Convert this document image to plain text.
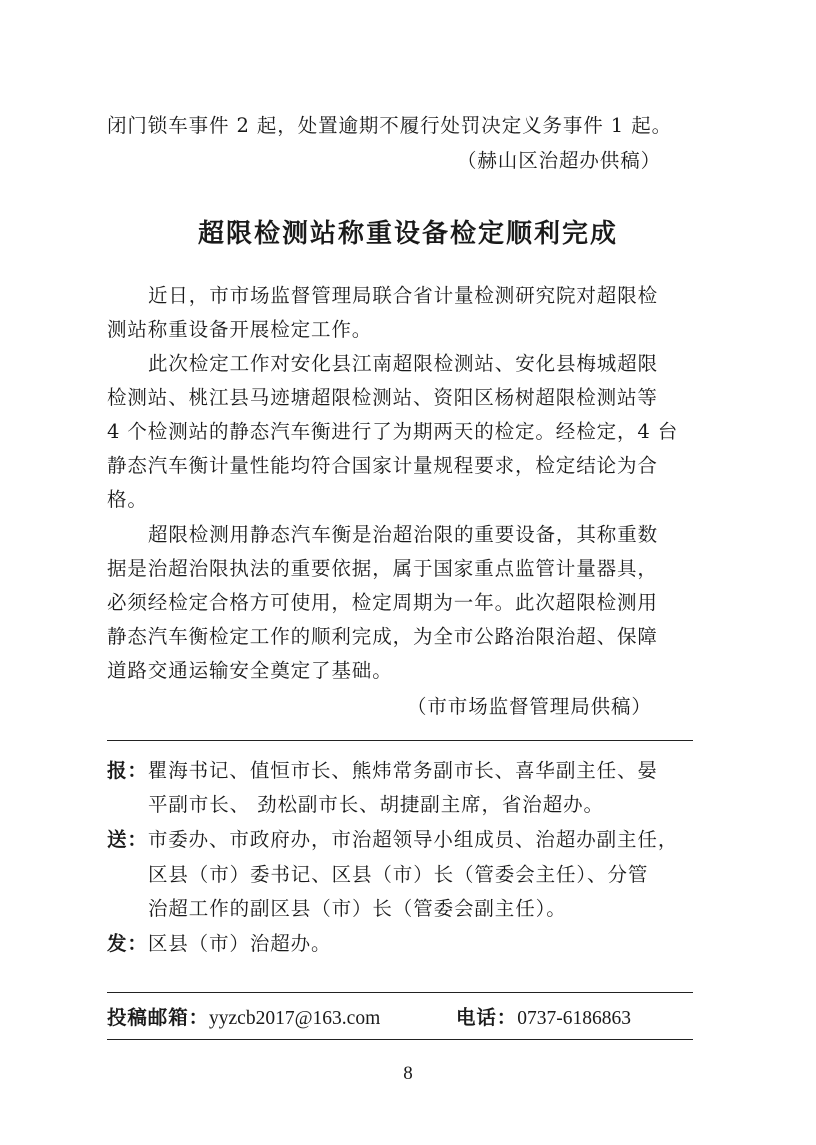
闭门锁车事件 2 起，处置逾期不履行处罚决定义务事件 1 起。
（赫山区治超办供稿）
超限检测站称重设备检定顺利完成
近日，市市场监督管理局联合省计量检测研究院对超限检
测站称重设备开展检定工作。
此次检定工作对安化县江南超限检测站、安化县梅城超限
检测站、桃江县马迹塘超限检测站、资阳区杨树超限检测站等
4 个检测站的静态汽车衡进行了为期两天的检定。经检定，4 台
静态汽车衡计量性能均符合国家计量规程要求，检定结论为合
格。
超限检测用静态汽车衡是治超治限的重要设备，其称重数
据是治超治限执法的重要依据，属于国家重点监管计量器具，
必须经检定合格方可使用，检定周期为一年。此次超限检测用
静态汽车衡检定工作的顺利完成，为全市公路治限治超、保障
道路交通运输安全奠定了基础。
（市市场监督管理局供稿）
报：瞿海书记、值恒市长、熊炜常务副市长、喜华副主任、晏
平副市长、 劲松副市长、胡捷副主席，省治超办。
送：市委办、市政府办，市治超领导小组成员、治超办副主任，
区县（市）委书记、区县（市）长（管委会主任）、分管
治超工作的副区县（市）长（管委会副主任）。
发：区县（市）治超办。
投稿邮箱：yyzcb2017@163.com	电话：0737-6186863
8
